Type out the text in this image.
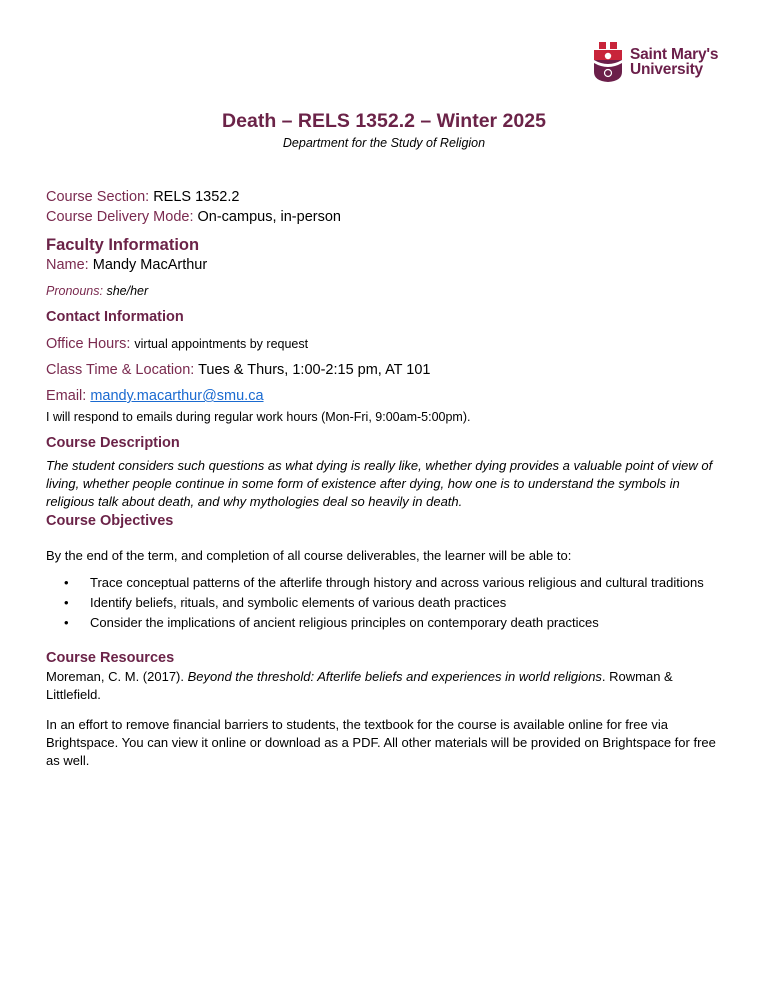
Saint Mary's
University
Death – RELS 1352.2 – Winter 2025
Department for the Study of Religion
Course Section: RELS 1352.2
Course Delivery Mode: On-campus, in-person
Faculty Information
Name: Mandy MacArthur
Pronouns: she/her
Contact Information
Office Hours: virtual appointments by request
Class Time & Location: Tues & Thurs, 1:00-2:15 pm, AT 101
Email: mandy.macarthur@smu.ca
I will respond to emails during regular work hours (Mon-Fri, 9:00am-5:00pm).
Course Description

The student considers such questions as what dying is really like, whether dying provides a valuable point of view of living, whether people continue in some form of existence after dying, how one is to understand the symbols in religious talk about death, and why mythologies deal so heavily in death.

Course Objectives

By the end of the term, and completion of all course deliverables, the learner will be able to:

• Trace conceptual patterns of the afterlife through history and across various religious and cultural traditions
• Identify beliefs, rituals, and symbolic elements of various death practices
• Consider the implications of ancient religious principles on contemporary death practices
Course Resources

Moreman, C. M. (2017). Beyond the threshold: Afterlife beliefs and experiences in world religions. Rowman & Littlefield.

In an effort to remove financial barriers to students, the textbook for the course is available online for free via Brightspace. You can view it online or download as a PDF. All other materials will be provided on Brightspace for free as well.
